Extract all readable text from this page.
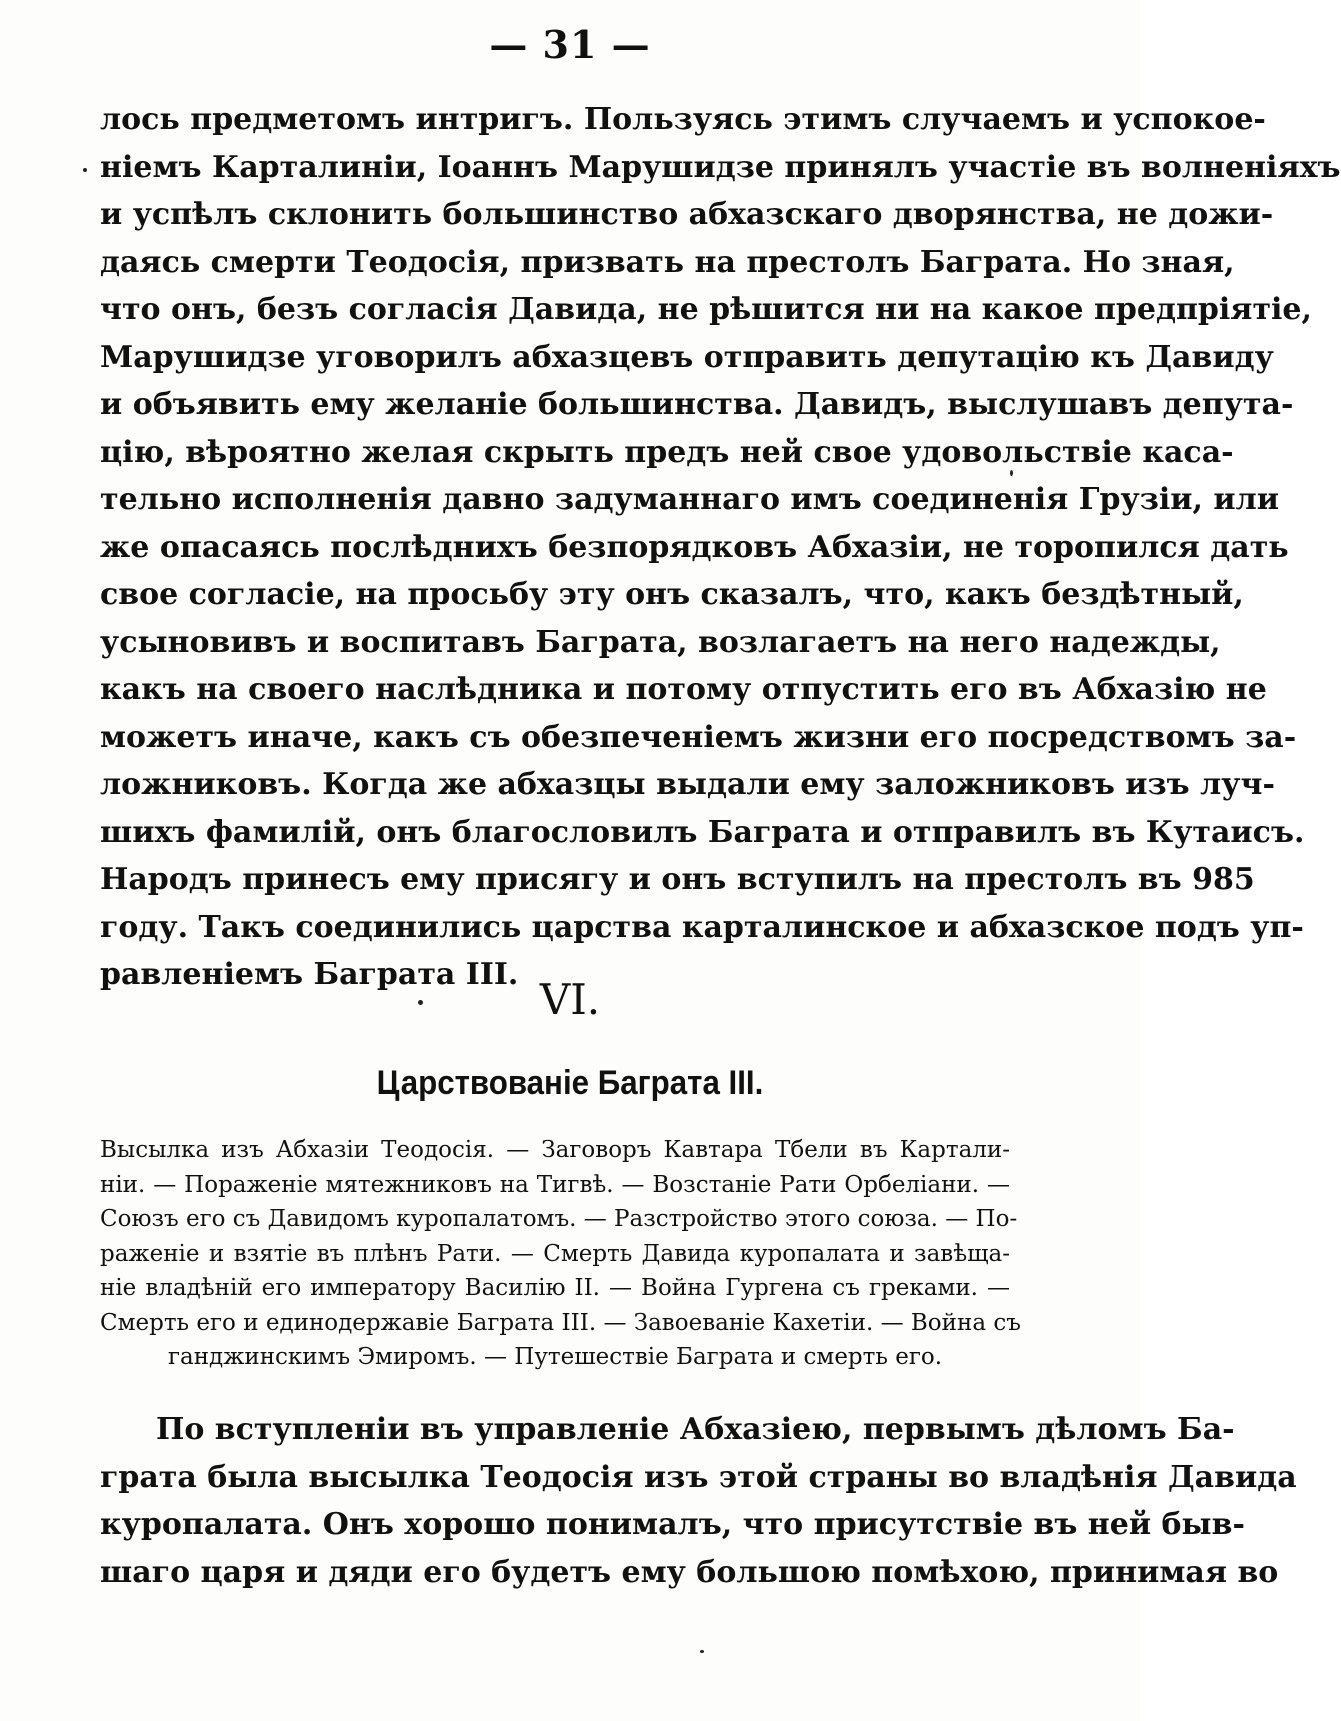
— 31 —
лось предметомъ интригъ. Пользуясь этимъ случаемъ и успокое-
ніемъ Карталиніи, Іоаннъ Марушидзе принялъ участіе въ волненіяхъ
и успѣлъ склонить большинство абхазскаго дворянства, не дожи-
даясь смерти Теодосія, призвать на престолъ Баграта. Но зная,
что онъ, безъ согласія Давида, не рѣшится ни на какое предпріятіе,
Марушидзе уговорилъ абхазцевъ отправить депутацію къ Давиду
и объявить ему желаніе большинства. Давидъ, выслушавъ депута-
цію, вѣроятно желая скрыть предъ ней свое удовольствіе каса-
тельно исполненія давно задуманнаго имъ соединенія Грузіи, или
же опасаясь послѣднихъ безпорядковъ Абхазіи, не торопился дать
свое согласіе, на просьбу эту онъ сказалъ, что, какъ бездѣтный,
усыновивъ и воспитавъ Баграта, возлагаетъ на него надежды,
какъ на своего наслѣдника и потому отпустить его въ Абхазію не
можетъ иначе, какъ съ обезпеченіемъ жизни его посредствомъ за-
ложниковъ. Когда же абхазцы выдали ему заложниковъ изъ луч-
шихъ фамилій, онъ благословилъ Баграта и отправилъ въ Кутаисъ.
Народъ принесъ ему присягу и онъ вступилъ на престолъ въ 985
году. Такъ соединились царства карталинское и абхазское подъ уп-
равленіемъ Баграта III.
VI.
Царствованіе Баграта III.
Высылка изъ Абхазіи Теодосія. — Заговоръ Кавтара Тбели въ Картали-
ніи. — Пораженіе мятежниковъ на Тигвѣ. — Возстаніе Рати Орбеліани. —
Союзъ его съ Давидомъ куропалатомъ. — Разстройство этого союза. — По-
раженіе и взятіе въ плѣнъ Рати. — Смерть Давида куропалата и завѣща-
ніе владѣній его императору Василію II. — Война Гургена съ греками. —
Смерть его и единодержавіе Баграта III. — Завоеваніе Кахетіи. — Война съ
ганджинскимъ Эмиромъ. — Путешествіе Баграта и смерть его.
По вступленіи въ управленіе Абхазіею, первымъ дѣломъ Ба-
грата была высылка Теодосія изъ этой страны во владѣнія Давида
куропалата. Онъ хорошо понималъ, что присутствіе въ ней быв-
шаго царя и дяди его будетъ ему большою помѣхою, принимая во
